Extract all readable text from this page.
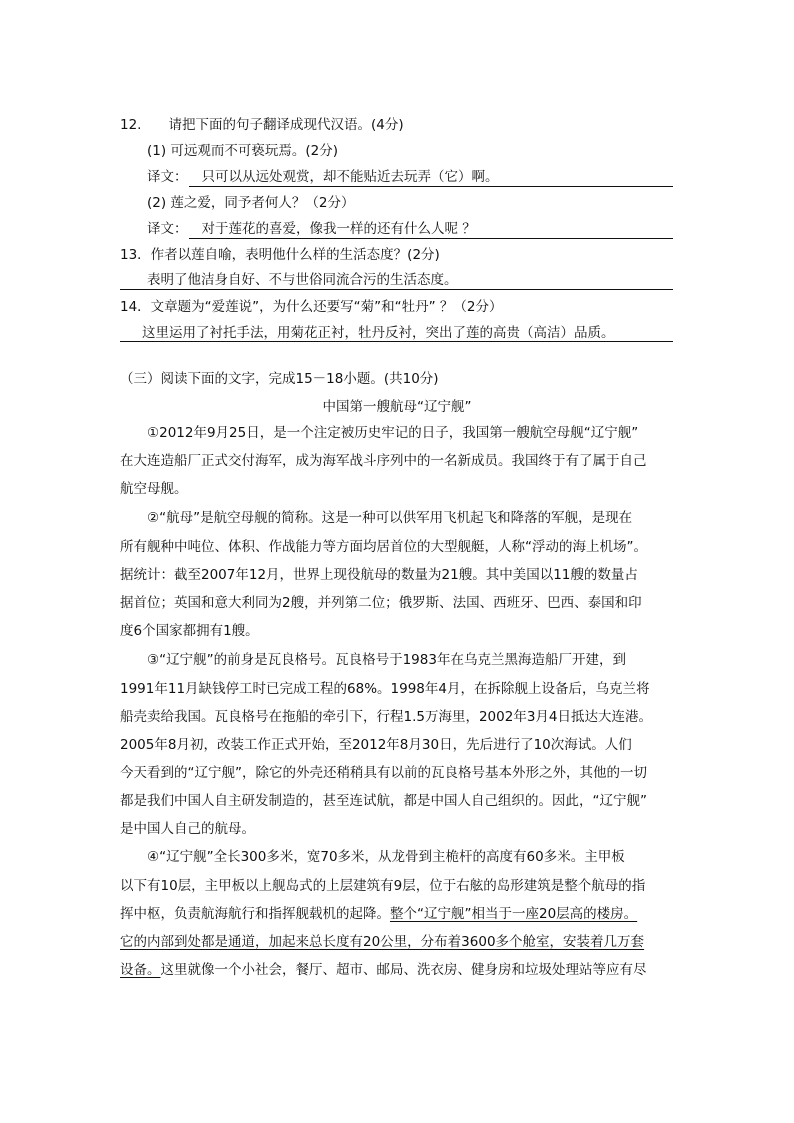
12.　　请把下面的句子翻译成现代汉语。(4分)
(1) 可远观而不可亵玩焉。(2分)
译文： 只可以从远处观赏，却不能贴近去玩弄（它）啊。
(2) 莲之爱，同予者何人？（2分）
译文： 对于莲花的喜爱，像我一样的还有什么人呢 ？
13．作者以莲自喻，表明他什么样的生活态度？(2分)
表明了他洁身自好、不与世俗同流合污的生活态度。
14．文章题为“爱莲说”，为什么还要写“菊”和“牡丹” ？（2分）
这里运用了衬托手法，用菊花正衬，牡丹反衬，突出了莲的高贵（高洁）品质。
（三）阅读下面的文字，完成15－18小题。(共10分)
中国第一艘航母“辽宁舰”
①2012年9月25日，是一个注定被历史牢记的日子，我国第一艘航空母舰“辽宁舰”
在大连造船厂正式交付海军，成为海军战斗序列中的一名新成员。我国终于有了属于自己
航空母舰。
②“航母”是航空母舰的简称。这是一种可以供军用飞机起飞和降落的军舰，是现在
所有舰种中吨位、体积、作战能力等方面均居首位的大型舰艇，人称“浮动的海上机场”。
据统计：截至2007年12月，世界上现役航母的数量为21艘。其中美国以11艘的数量占
据首位；英国和意大利同为2艘，并列第二位；俄罗斯、法国、西班牙、巴西、泰国和印
度6个国家都拥有1艘。
③“辽宁舰”的前身是瓦良格号。瓦良格号于1983年在乌克兰黑海造船厂开建，到
1991年11月缺钱停工时已完成工程的68%。1998年4月，在拆除舰上设备后，乌克兰将
船壳卖给我国。瓦良格号在拖船的牵引下，行程1.5万海里，2002年3月4日抵达大连港。
2005年8月初，改装工作正式开始，至2012年8月30日，先后进行了10次海试。人们
今天看到的“辽宁舰”，除它的外壳还稍稍具有以前的瓦良格号基本外形之外，其他的一切
都是我们中国人自主研发制造的，甚至连试航，都是中国人自己组织的。因此，“辽宁舰”
是中国人自己的航母。
④“辽宁舰”全长300多米，宽70多米，从龙骨到主桅杆的高度有60多米。主甲板
以下有10层，主甲板以上舰岛式的上层建筑有9层，位于右舷的岛形建筑是整个航母的指
挥中枢，负责航海航行和指挥舰载机的起降。整个“辽宁舰”相当于一座20层高的楼房。
它的内部到处都是通道，加起来总长度有20公里，分布着3600多个舱室，安装着几万套
设备。这里就像一个小社会，餐厅、超市、邮局、洗衣房、健身房和垃圾处理站等应有尽
